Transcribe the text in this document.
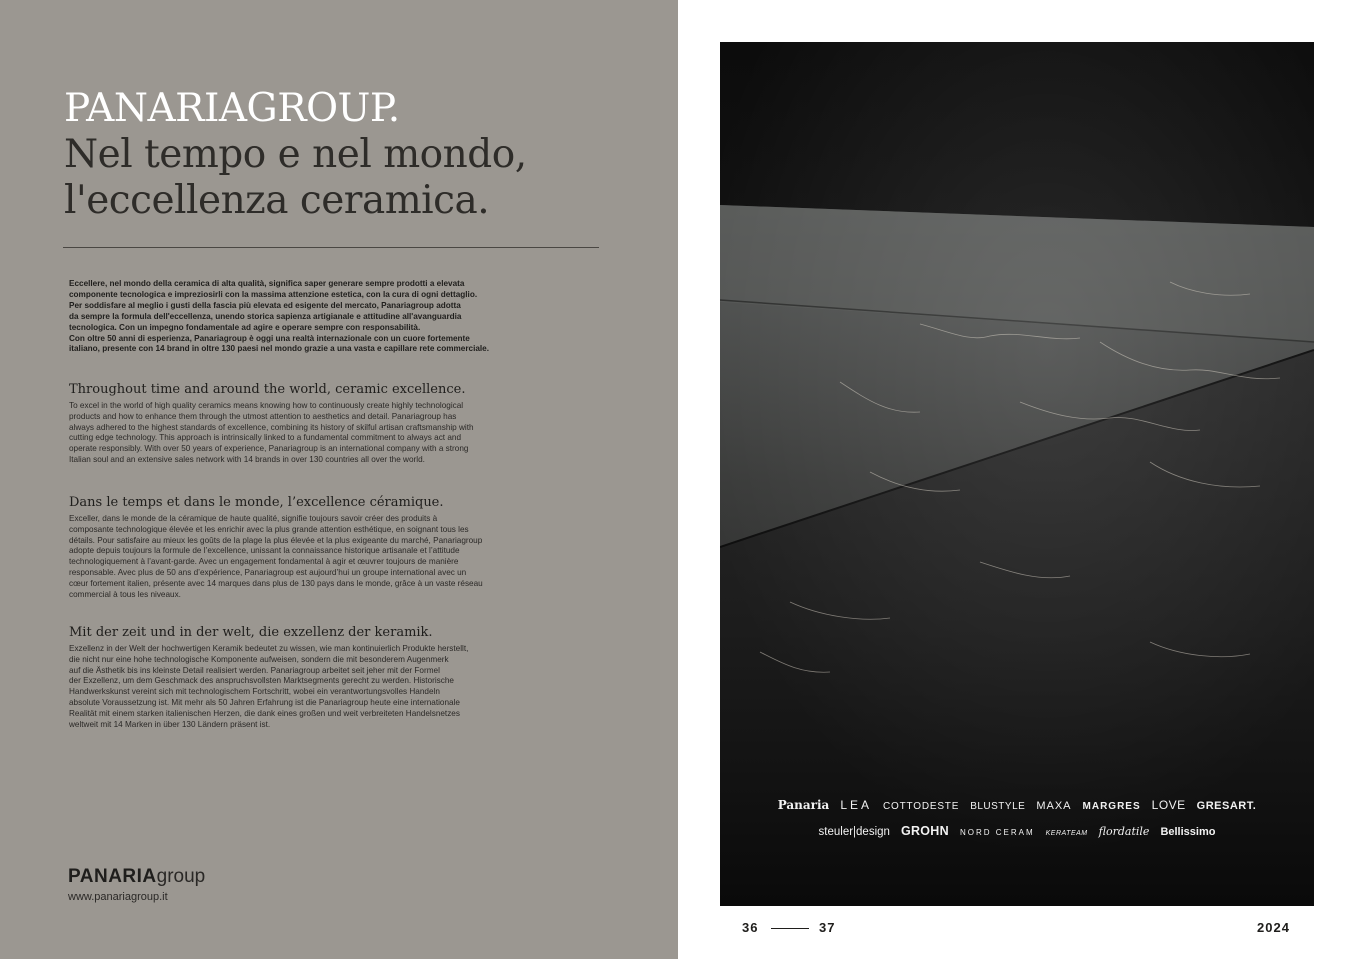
PANARIAGROUP.
Nel tempo e nel mondo,
l'eccellenza ceramica.
Eccellere, nel mondo della ceramica di alta qualità, significa saper generare sempre prodotti a elevata
componente tecnologica e impreziosirli con la massima attenzione estetica, con la cura di ogni dettaglio.
Per soddisfare al meglio i gusti della fascia più elevata ed esigente del mercato, Panariagroup adotta
da sempre la formula dell'eccellenza, unendo storica sapienza artigianale e attitudine all'avanguardia
tecnologica. Con un impegno fondamentale ad agire e operare sempre con responsabilità.
Con oltre 50 anni di esperienza, Panariagroup è oggi una realtà internazionale con un cuore fortemente
italiano, presente con 14 brand in oltre 130 paesi nel mondo grazie a una vasta e capillare rete commerciale.
Throughout time and around the world, ceramic excellence.
To excel in the world of high quality ceramics means knowing how to continuously create highly technological
products and how to enhance them through the utmost attention to aesthetics and detail. Panariagroup has
always adhered to the highest standards of excellence, combining its history of skilful artisan craftsmanship with
cutting edge technology. This approach is intrinsically linked to a fundamental commitment to always act and
operate responsibly. With over 50 years of experience, Panariagroup is an international company with a strong
Italian soul and an extensive sales network with 14 brands in over 130 countries all over the world.
Dans le temps et dans le monde, l’excellence céramique.
Exceller, dans le monde de la céramique de haute qualité, signifie toujours savoir créer des produits à
composante technologique élevée et les enrichir avec la plus grande attention esthétique, en soignant tous les
détails. Pour satisfaire au mieux les goûts de la plage la plus élevée et la plus exigeante du marché, Panariagroup
adopte depuis toujours la formule de l’excellence, unissant la connaissance historique artisanale et l’attitude
technologiquement à l’avant-garde. Avec un engagement fondamental à agir et œuvrer toujours de manière
responsable. Avec plus de 50 ans d’expérience, Panariagroup est aujourd’hui un groupe international avec un
cœur fortement italien, présente avec 14 marques dans plus de 130 pays dans le monde, grâce à un vaste réseau
commercial à tous les niveaux.
Mit der zeit und in der welt, die exzellenz der keramik.
Exzellenz in der Welt der hochwertigen Keramik bedeutet zu wissen, wie man kontinuierlich Produkte herstellt,
die nicht nur eine hohe technologische Komponente aufweisen, sondern die mit besonderem Augenmerk
auf die Ästhetik bis ins kleinste Detail realisiert werden. Panariagroup arbeitet seit jeher mit der Formel
der Exzellenz, um dem Geschmack des anspruchsvollsten Marktsegments gerecht zu werden. Historische
Handwerkskunst vereint sich mit technologischem Fortschritt, wobei ein verantwortungsvolles Handeln
absolute Voraussetzung ist. Mit mehr als 50 Jahren Erfahrung ist die Panariagroup heute eine internationale
Realität mit einem starken italienischen Herzen, die dank eines großen und weit verbreiteten Handelsnetzes
weltweit mit 14 Marken in über 130 Ländern präsent ist.
PANARIAgroup
www.panariagroup.it
Panaria LEA COTTODESTE BLUSTYLE MAXA MARGRES LOVE GRESART.
steuler|design GROHN NORD CERAM KERATEAM flordatile Bellissimo
36	37	2024
